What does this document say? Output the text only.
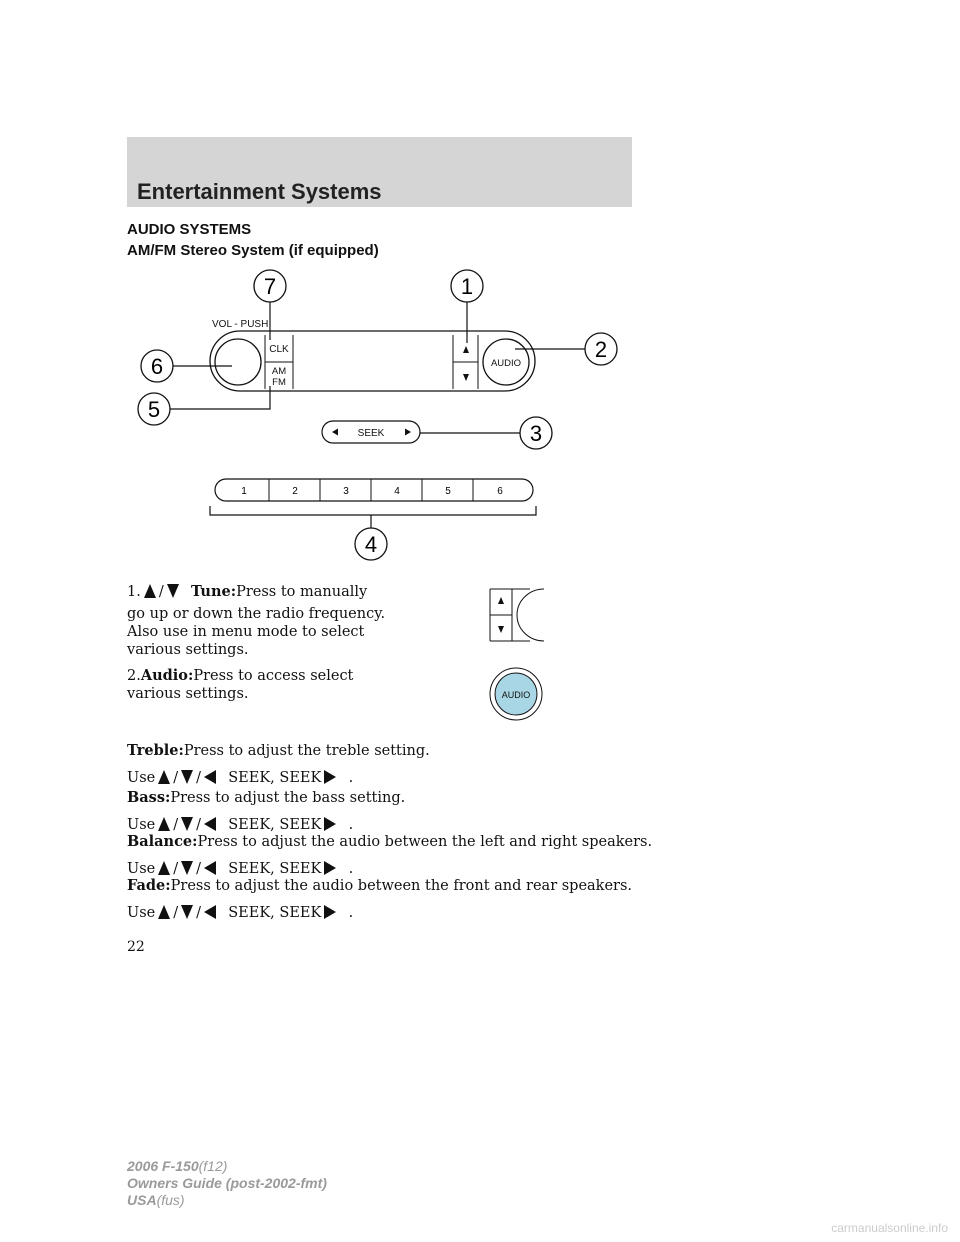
Entertainment Systems
AUDIO SYSTEMS
AM/FM Stereo System (if equipped)
VOL - PUSH
CLK
AM
FM
AUDIO
SEEK
1	2	3	4	5	6
7	1
6
2
5
3
4
AUDIO
1. / Tune:Press to manually
go up or down the radio frequency.
Also use in menu mode to select
various settings.
2.Audio:Press to access select
various settings.
Treble:Press to adjust the treble setting.
Use / / SEEK, SEEK .
Bass:Press to adjust the bass setting.
Use / / SEEK, SEEK .
Balance:Press to adjust the audio between the left and right speakers.
Use / / SEEK, SEEK .
Fade:Press to adjust the audio between the front and rear speakers.
Use / / SEEK, SEEK .
22
2006 F-150(f12)
Owners Guide (post-2002-fmt)
USA(fus)
carmanualsonline.info
